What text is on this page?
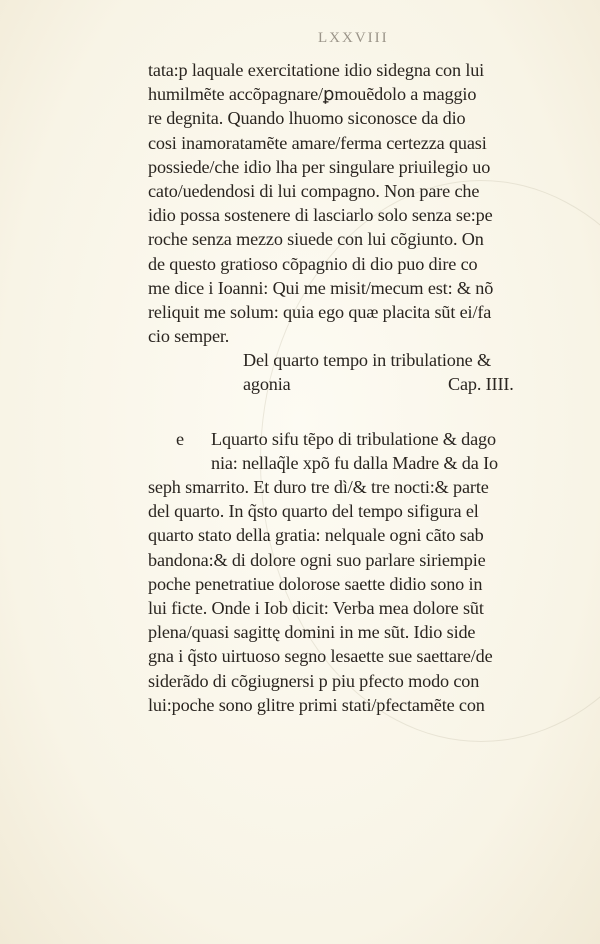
LXXVIII
tata:p laquale exercitatione idio sidegna con lui
humilmẽte accõpagnare/ꝑmouẽdolo a maggio
re degnita. Quando lhuomo siconosce da dio
cosi inamoratamẽte amare/ferma certezza quasi
possiede/che idio lha per singulare priuilegio uo
cato/uedendosi di lui compagno. Non pare che
idio possa sostenere di lasciarlo solo senza se:pe
roche senza mezzo siuede con lui cõgiunto. On
de questo gratioso cõpagnio di dio puo dire co
me dice i Ioanni: Qui me misit/mecum est: & nõ
reliquit me solum: quia ego quæ placita sũt ei/fa
cio semper.
Del quarto tempo in tribulatione &
agonia	Cap. IIII.
e Lquarto sifu tẽpo di tribulatione & dago
nia: nellaq̃le xpõ fu dalla Madre & da Io
seph smarrito. Et duro tre dì/& tre nocti:& parte
del quarto. In q̃sto quarto del tempo sifigura el
quarto stato della gratia: nelquale ogni cãto sab
bandona:& di dolore ogni suo parlare siriempie
poche penetratiue dolorose saette didio sono in
lui ficte. Onde i Iob dicit: Verba mea dolore sũt
plena/quasi sagittę domini in me sũt. Idio side
gna i q̃sto uirtuoso segno lesaette sue saettare/de
siderãdo di cõgiugnersi p piu pfecto modo con
lui:poche sono glitre primi stati/pfectamẽte con
